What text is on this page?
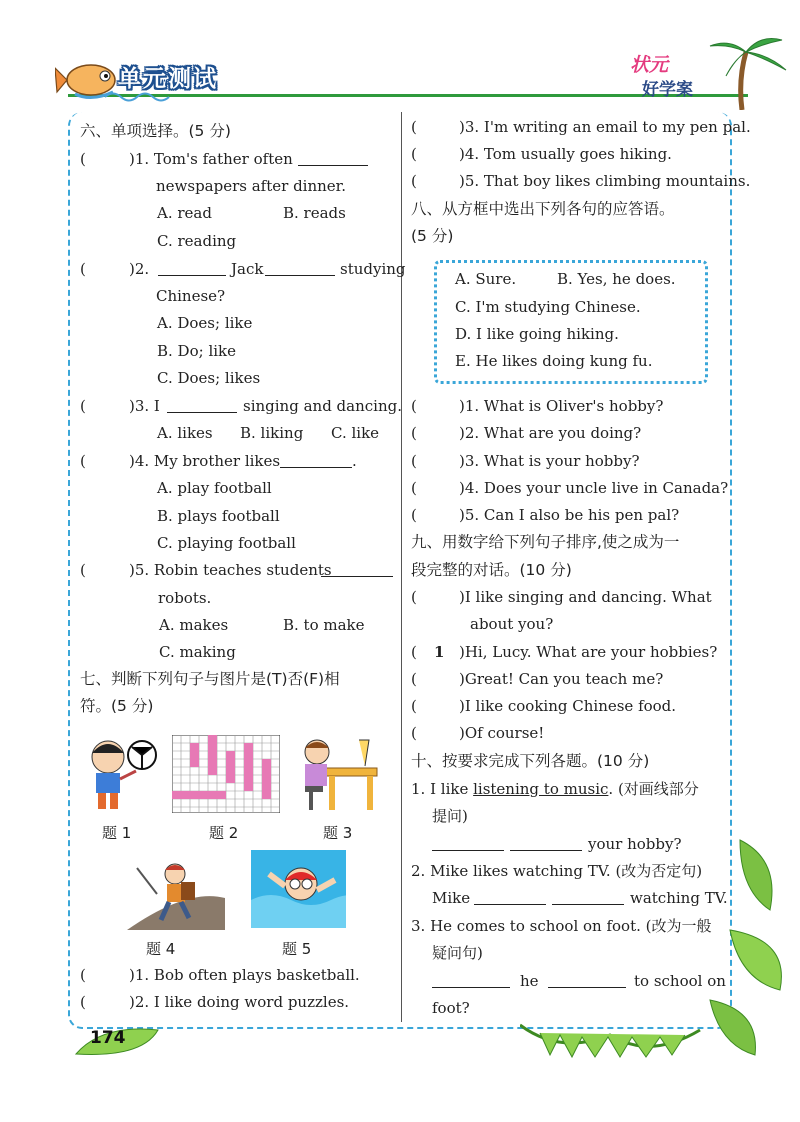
单元测试
状元
好学案
174
六、单项选择。(5 分)
(	)1. Tom's father often
newspapers after dinner.
A. read	B. reads
C. reading
(	)2.	Jack	studying
Chinese?
A. Does; like
B. Do; like
C. Does; likes
(	)3. I	singing and dancing.
A. likes B. liking C. like
(	)4. My brother likes	.
A. play football
B. plays football
C. playing football
(	)5. Robin teaches students
robots.
A. makes	B. to make
C. making
七、判断下列句子与图片是(T)否(F)相
符。(5 分)
题 1	题 2	题 3
题 4	题 5
(	)1. Bob often plays basketball.
(	)2. I like doing word puzzles.
(	)3. I'm writing an email to my pen pal.
(	)4. Tom usually goes hiking.
(	)5. That boy likes climbing mountains.
八、从方框中选出下列各句的应答语。
(5 分)
A. Sure.	B. Yes, he does.
C. I'm studying Chinese.
D. I like going hiking.
E. He likes doing kung fu.
(	)1. What is Oliver's hobby?
(	)2. What are you doing?
(	)3. What is your hobby?
(	)4. Does your uncle live in Canada?
(	)5. Can I also be his pen pal?
九、用数字给下列句子排序,使之成为一
段完整的对话。(10 分)
(	)I like singing and dancing. What
about you?
( 1 )Hi, Lucy. What are your hobbies?
(	)Great! Can you teach me?
(	)I like cooking Chinese food.
(	)Of course!
十、按要求完成下列各题。(10 分)
1. I like listening to music. (对画线部分
提问)
your hobby?
2. Mike likes watching TV. (改为否定句)
Mike	watching TV.
3. He comes to school on foot. (改为一般
疑问句)
he	to school on
foot?
